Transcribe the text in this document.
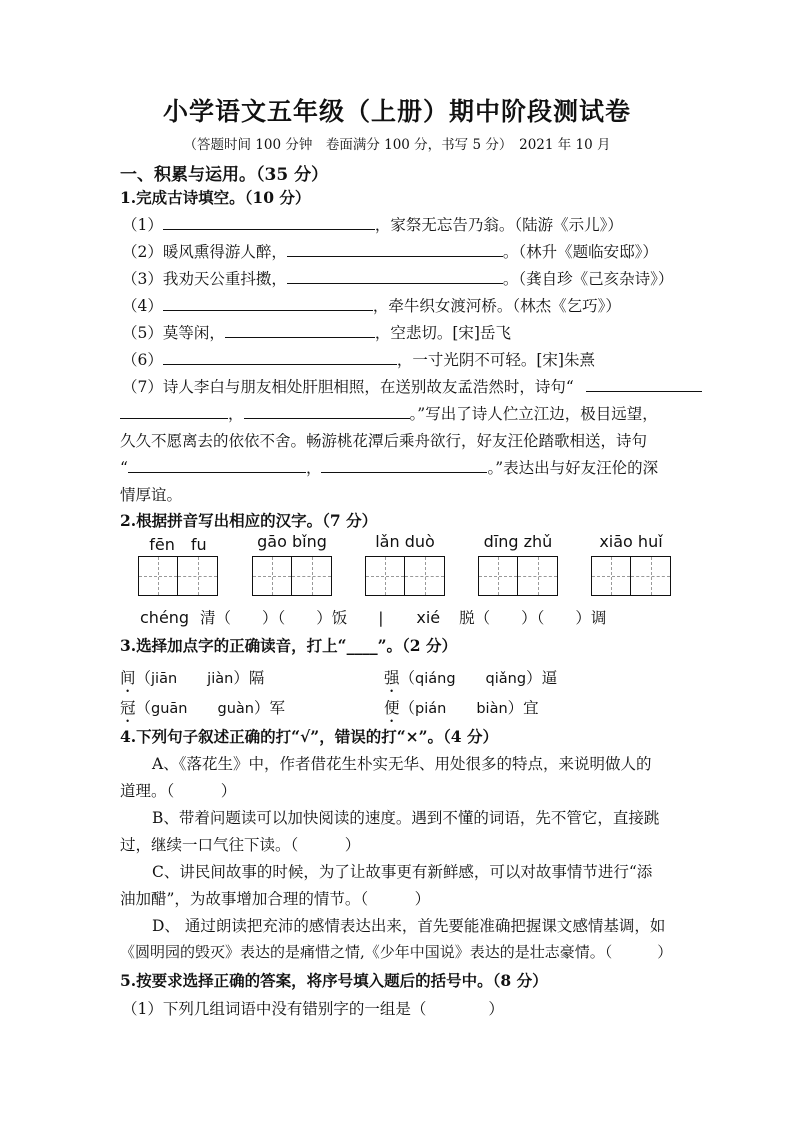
小学语文五年级（上册）期中阶段测试卷
（答题时间 100 分钟　卷面满分 100 分，书写 5 分）　2021 年 10 月
一、积累与运用。（35 分）
1.完成古诗填空。（10 分）
（1）	，家祭无忘告乃翁。（陆游《示儿》）
（2）暖风熏得游人醉，	。（林升《题临安邸》）
（3）我劝天公重抖擞，	。（龚自珍《己亥杂诗》）
（4）	，牵牛织女渡河桥。（林杰《乞巧》）
（5）莫等闲，	，空悲切。[宋]岳飞
（6）	，一寸光阴不可轻。[宋]朱熹
（7）诗人李白与朋友相处肝胆相照，在送别故友孟浩然时，诗句“
，	。”写出了诗人伫立江边，极目远望，
久久不愿离去的依依不舍。畅游桃花潭后乘舟欲行，好友汪伦踏歌相送，诗句
“	，	。”表达出与好友汪伦的深
情厚谊。
2.根据拼音写出相应的汉字。（7 分）
fēn　fu	gāo bǐng	lǎn duò	dīng zhǔ	xiāo huǐ
chéng 清（　　）（　　）饭 | xié 脱（　　）（　　）调
3.选择加点字的正确读音，打上“____”。（2 分）
间（jiān jiàn）隔	强（qiáng qiǎng）逼
冠（guān guàn）军	便（pián biàn）宜
4.下列句子叙述正确的打“√”，错误的打“×”。（4 分）
A、《落花生》中，作者借花生朴实无华、用处很多的特点，来说明做人的
道理。（　　　）
B、带着问题读可以加快阅读的速度。遇到不懂的词语，先不管它，直接跳
过，继续一口气往下读。（　　　）
C、讲民间故事的时候，为了让故事更有新鲜感，可以对故事情节进行“添
油加醋”，为故事增加合理的情节。（　　　）
D、 通过朗读把充沛的感情表达出来，首先要能准确把握课文感情基调，如
《圆明园的毁灭》表达的是痛惜之情,《少年中国说》表达的是壮志豪情。（　　　）
5.按要求选择正确的答案，将序号填入题后的括号中。（8 分）
（1）下列几组词语中没有错别字的一组是（　　　　）
